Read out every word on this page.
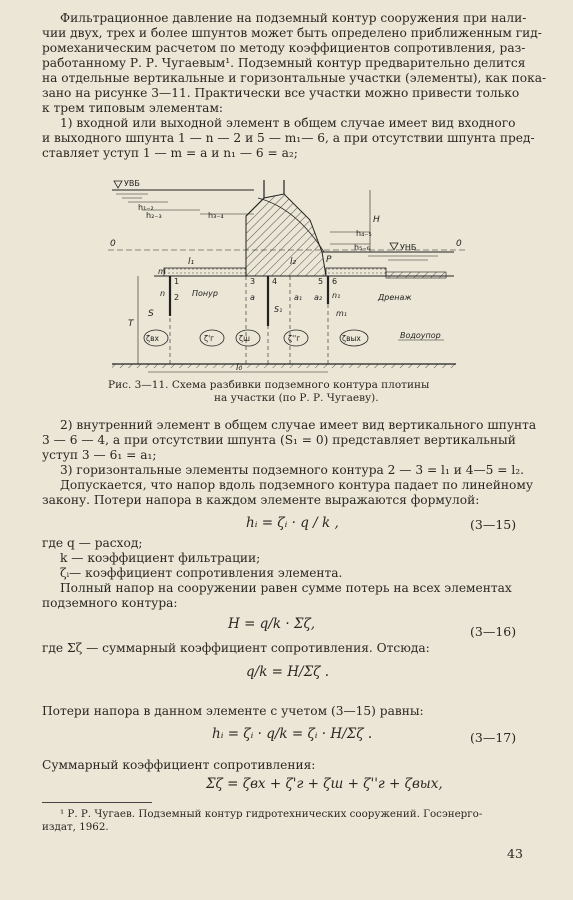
Фильтрационное давление на подземный контур сооружения при нали-
чии двух, трех и более шпунтов может быть определено приближенным гид-
ромеханическим расчетом по методу коэффициентов сопротивления, раз-
работанному Р. Р. Чугаевым¹. Подземный контур предварительно делится
на отдельные вертикальные и горизонтальные участки (элементы), как пока-
зано на рисунке 3—11. Практически все участки можно привести только
к трем типовым элементам:
1) входной или выходной элемент в общем случае имеет вид входного
и выходного шпунта 1 — n — 2 и 5 — m₁— 6, а при отсутствии шпунта пред-
ставляет уступ 1 — m = a и n₁ — 6 = a₂;
УВБ
УНБ
H
h₁₋₂
h₂₋₃	h₃₋₄
h₄₋₅
h₅₋₆
0	0
Дренаж
m
n	n₁
m₁
1
2
3 4	5 6
Понур
l₁	l₂	P
a	a₁ a₂
S	S₁
T
ζвх	ζ'г	ζш	ζ''г	ζвых	Водоупор
l₀
Рис. 3—11. Схема разбивки подземного контура плотины
на участки (по Р. Р. Чугаеву).
2) внутренний элемент в общем случае имеет вид вертикального шпунта
3 — 6 — 4, а при отсутствии шпунта (S₁ = 0) представляет вертикальный
уступ 3 — 6₁ = a₁;
3) горизонтальные элементы подземного контура 2 — 3 = l₁ и 4—5 = l₂.
Допускается, что напор вдоль подземного контура падает по линейному
закону. Потери напора в каждом элементе выражаются формулой:
hᵢ = ζᵢ · q / k ,	(3—15)
где q — расход;
k — коэффициент фильтрации;
ζᵢ— коэффициент сопротивления элемента.
Полный напор на сооружении равен сумме потерь на всех элементах
подземного контура:
H = q/k · Σζ,	(3—16)
где Σζ — суммарный коэффициент сопротивления. Отсюда:
q/k = H/Σζ .
Потери напора в данном элементе с учетом (3—15) равны:
hᵢ = ζᵢ · q/k = ζᵢ · H/Σζ .	(3—17)
Суммарный коэффициент сопротивления:
Σζ = ζвх + ζ'г + ζш + ζ''г + ζвых,
¹ Р. Р. Чугаев. Подземный контур гидротехнических сооружений. Госэнерго-
издат, 1962.
43
